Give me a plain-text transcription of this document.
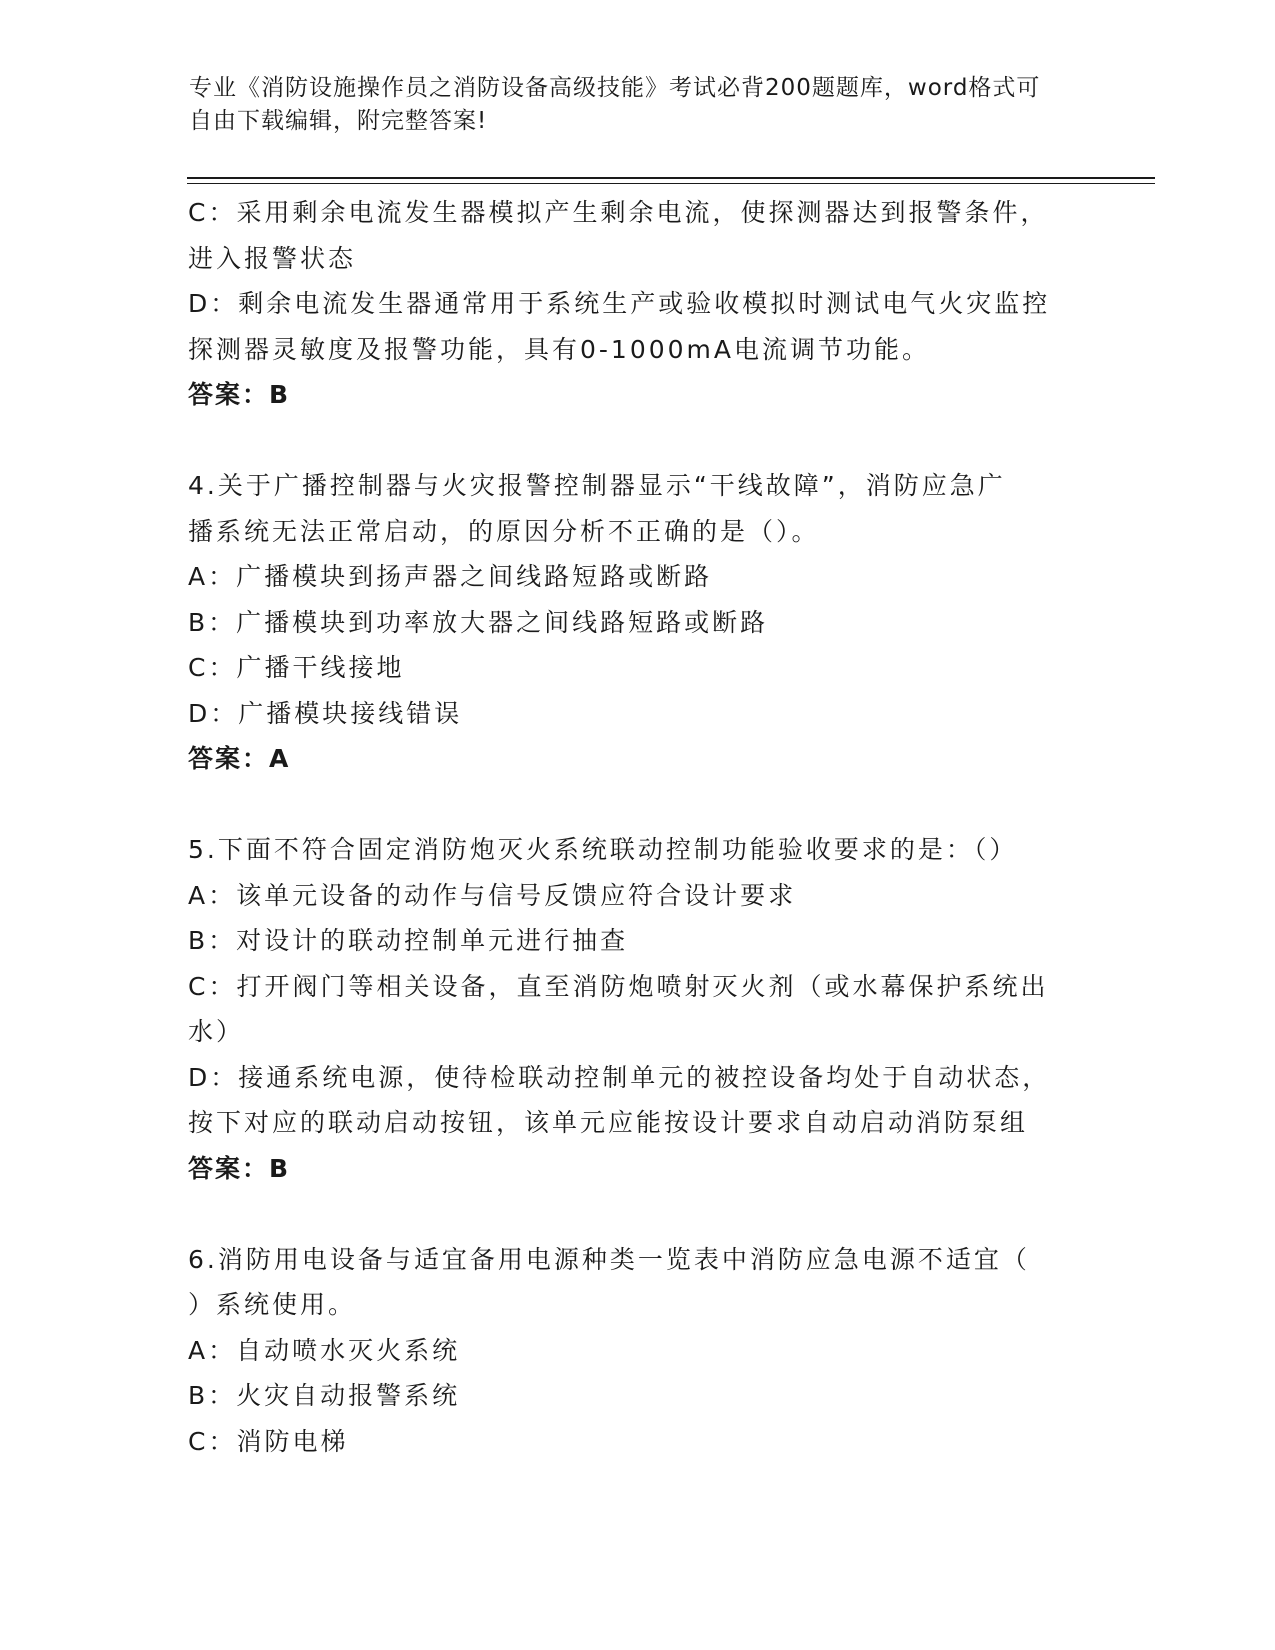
专业《消防设施操作员之消防设备高级技能》考试必背200题题库，word格式可
自由下载编辑，附完整答案!
C：采用剩余电流发生器模拟产生剩余电流，使探测器达到报警条件，
进入报警状态
D：剩余电流发生器通常用于系统生产或验收模拟时测试电气火灾监控
探测器灵敏度及报警功能，具有0-1000mA电流调节功能。
答案：B
4.关于广播控制器与火灾报警控制器显示“干线故障”，消防应急广
播系统无法正常启动，的原因分析不正确的是（）。
A：广播模块到扬声器之间线路短路或断路
B：广播模块到功率放大器之间线路短路或断路
C：广播干线接地
D：广播模块接线错误
答案：A
5.下面不符合固定消防炮灭火系统联动控制功能验收要求的是：（）
A：该单元设备的动作与信号反馈应符合设计要求
B：对设计的联动控制单元进行抽查
C：打开阀门等相关设备，直至消防炮喷射灭火剂（或水幕保护系统出
水）
D：接通系统电源，使待检联动控制单元的被控设备均处于自动状态，
按下对应的联动启动按钮，该单元应能按设计要求自动启动消防泵组
答案：B
6.消防用电设备与适宜备用电源种类一览表中消防应急电源不适宜（
）系统使用。
A：自动喷水灭火系统
B：火灾自动报警系统
C：消防电梯
